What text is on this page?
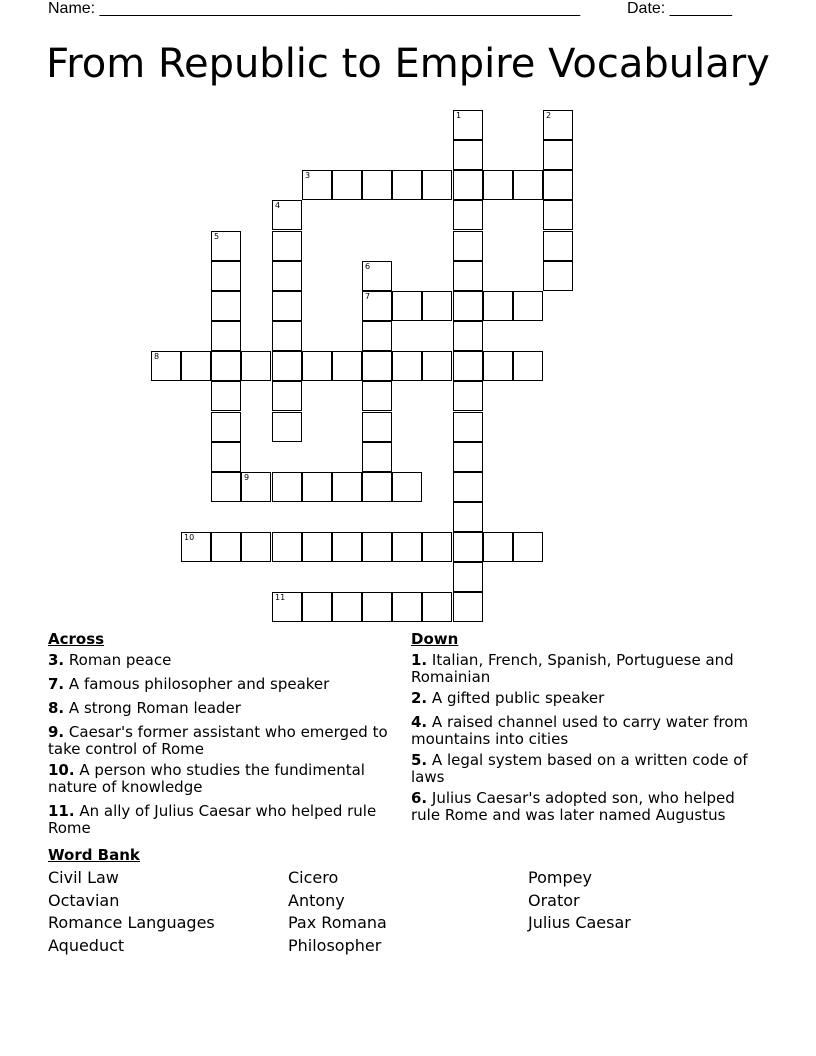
Name: ______________________________________________________	Date: _______
From Republic to Empire Vocabulary
1	2
3
4
5
6
7
8
9
10
11
Across
3. Roman peace
7. A famous philosopher and speaker
8. A strong Roman leader
9. Caesar's former assistant who emerged to take control of Rome
10. A person who studies the fundimental nature of knowledge
11. An ally of Julius Caesar who helped rule Rome
Down
1. Italian, French, Spanish, Portuguese and Romainian
2. A gifted public speaker
4. A raised channel used to carry water from mountains into cities
5. A legal system based on a written code of laws
6. Julius Caesar's adopted son, who helped rule Rome and was later named Augustus
Word Bank
Civil Law
Octavian
Romance Languages
Aqueduct
Cicero
Antony
Pax Romana
Philosopher
Pompey
Orator
Julius Caesar
